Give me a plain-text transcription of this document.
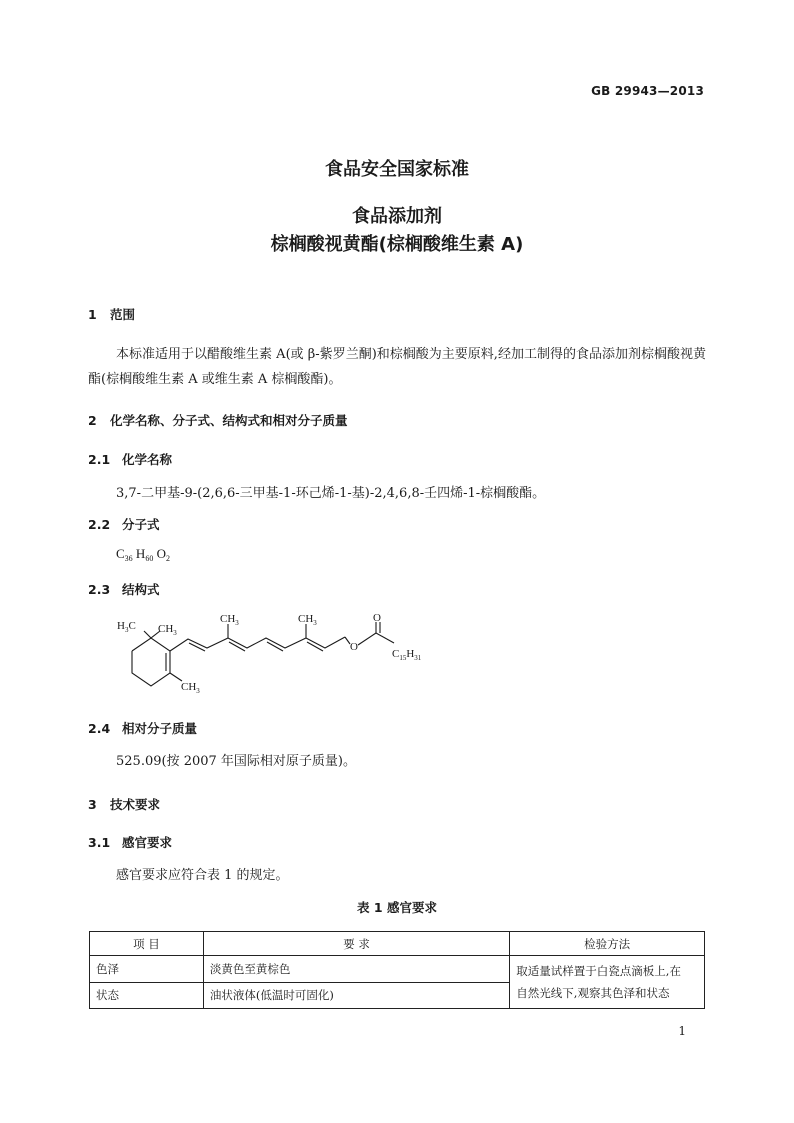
GB 29943—2013
食品安全国家标准
食品添加剂
棕榈酸视黄酯(棕榈酸维生素 A)
1 范围
本标准适用于以醋酸维生素 A(或 β-紫罗兰酮)和棕榈酸为主要原料,经加工制得的食品添加剂棕榈酸视黄酯(棕榈酸维生素 A 或维生素 A 棕榈酸酯)。
2 化学名称、分子式、结构式和相对分子质量
2.1 化学名称
3,7-二甲基-9-(2,6,6-三甲基-1-环己烯-1-基)-2,4,6,8-壬四烯-1-棕榈酸酯。
2.2 分子式
$C_{36}$ $H_{60}$ $O_2$
2.3 结构式
$H_3C$ $CH_3$
$CH_3$	$CH_3$
$CH_3$
O
O
$C_{15}H_{31}$
2.4 相对分子质量
525.09(按 2007 年国际相对原子质量)。
3 技术要求
3.1 感官要求
感官要求应符合表 1 的规定。
表 1 感官要求
项 目	要 求	检验方法
色泽	淡黄色至黄棕色	取适量试样置于白瓷点滴板上,在
自然光线下,观察其色泽和状态

状态	油状液体(低温时可固化)	
1
